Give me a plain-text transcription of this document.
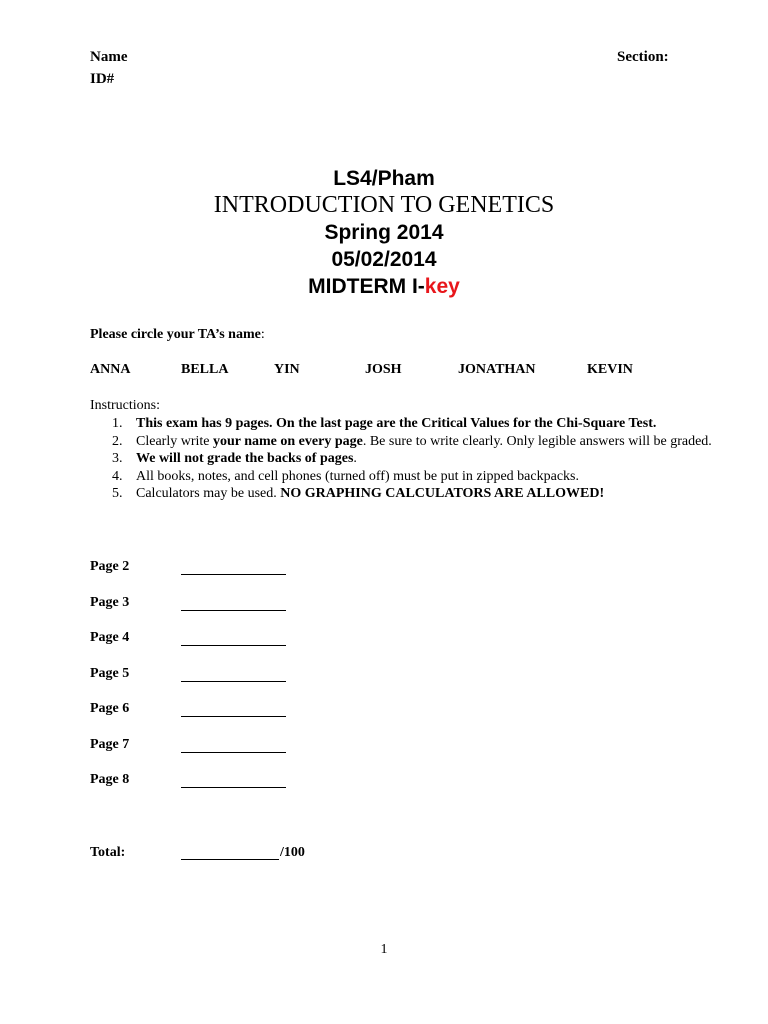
Name	Section:
ID#
LS4/Pham
INTRODUCTION TO GENETICS
Spring 2014
05/02/2014
MIDTERM I-key
Please circle your TA’s name:
ANNA	BELLA	YIN	JOSH	JONATHAN	KEVIN
Instructions:
1. This exam has 9 pages. On the last page are the Critical Values for the Chi-Square Test.
2. Clearly write your name on every page. Be sure to write clearly. Only legible answers will be graded.
3. We will not grade the backs of pages.
4. All books, notes, and cell phones (turned off) must be put in zipped backpacks.
5. Calculators may be used. NO GRAPHING CALCULATORS ARE ALLOWED!
Page 2
Page 3
Page 4
Page 5
Page 6
Page 7
Page 8
Total:	/100
1
